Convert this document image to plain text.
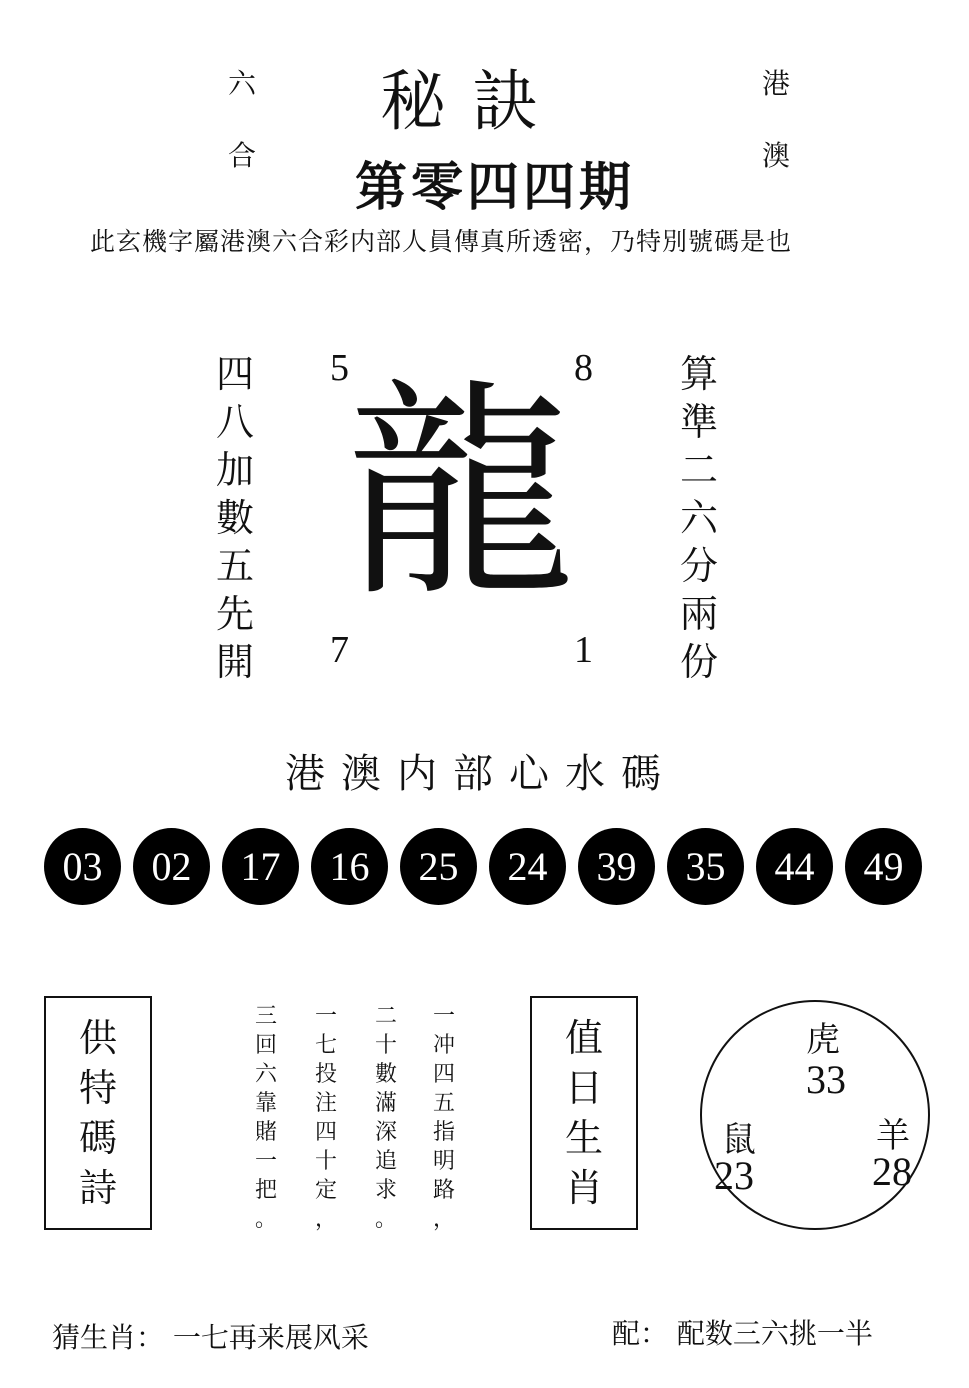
六
合
港
澳
秘訣
第零四四期
此玄機字屬港澳六合彩内部人員傳真所透密，乃特別號碼是也
四
八
加
數
五
先
開
算
準
二
六
分
兩
份
5	8
7	1
龍
港澳内部心水碼
03	02	17	16	25	24	39	35	44	49
供
特
碼
詩
一
冲
四
五
指
明
路
，
二
十
數
滿
深
追
求
。
一
七
投
注
四
十
定
，
三
回
六
靠
賭
一
把
。
值
日
生
肖
虎
33
鼠
23
羊
28
猜生肖： 一七再来展风采	配： 配数三六挑一半
